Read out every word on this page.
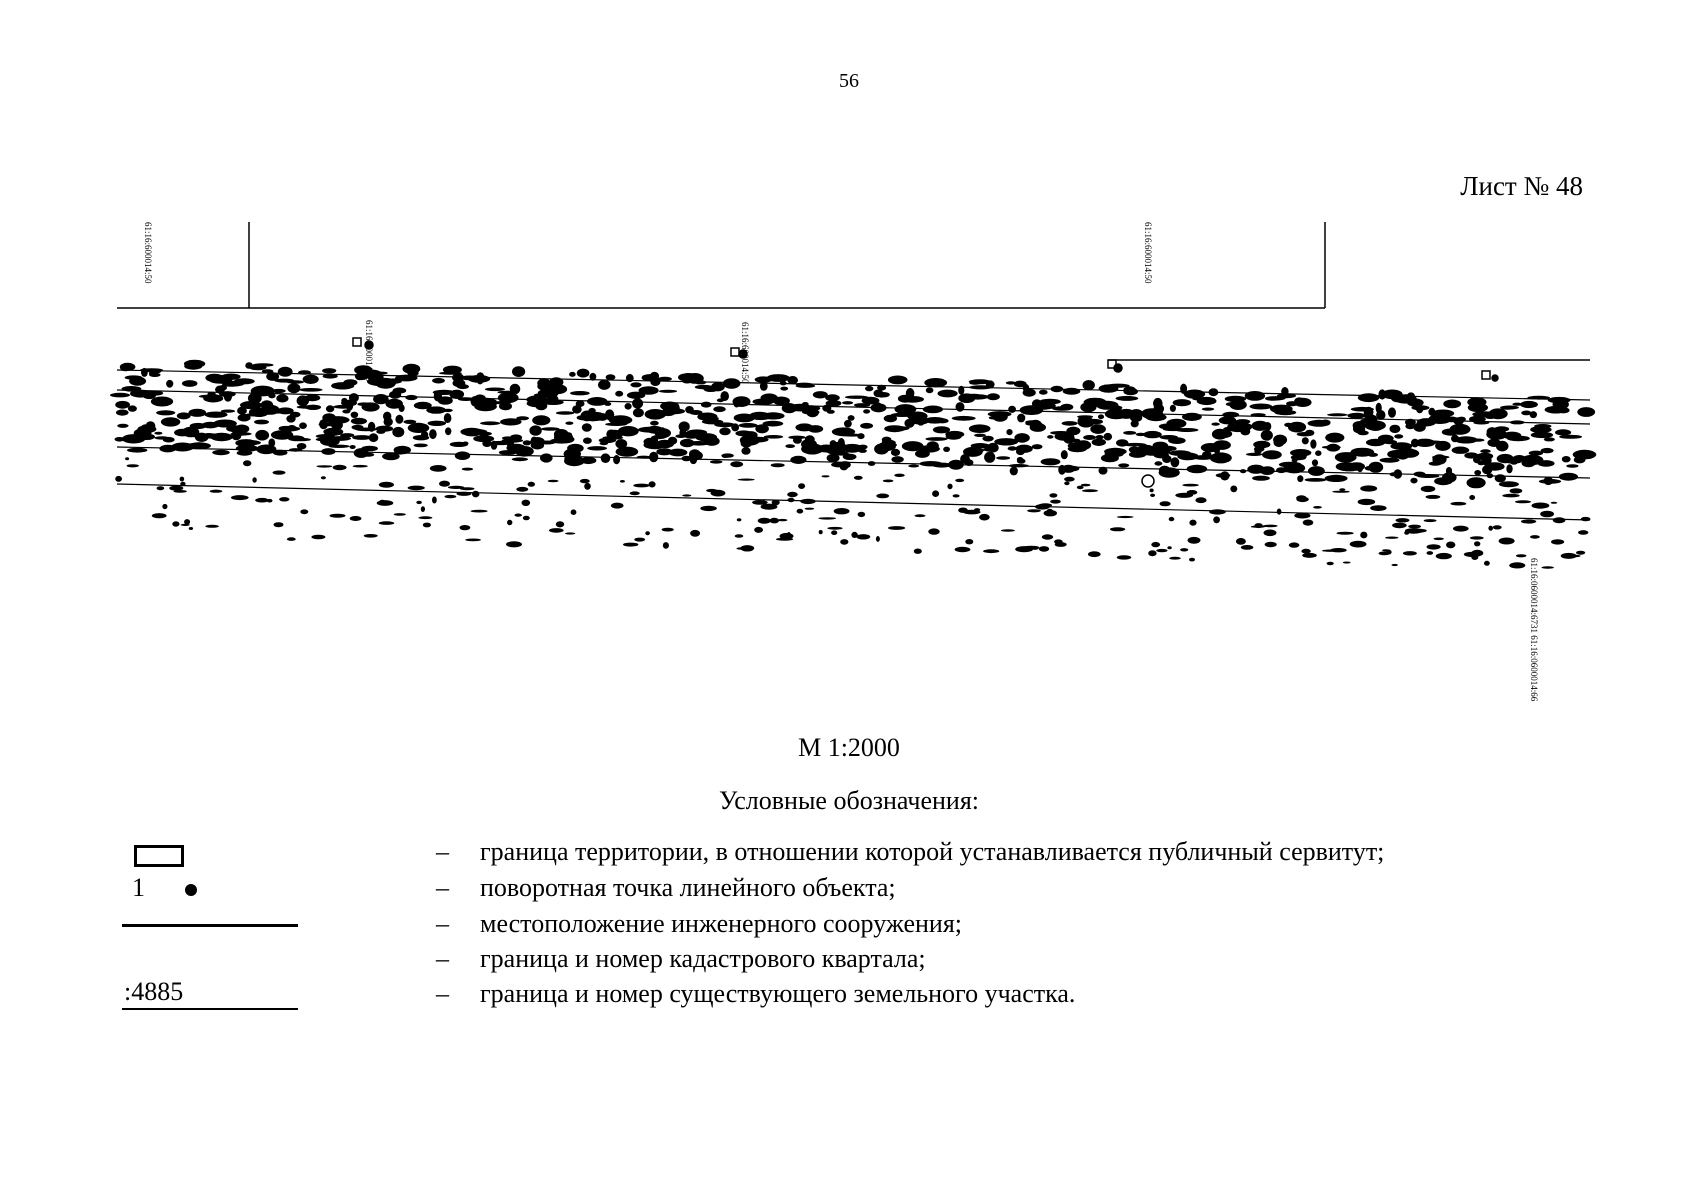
56
Лист № 48
61:16:600014:50	61:16:600014:50
61:16:600014:50	61:16:600014:50
61:16:0600014:6731 61:16:0600014:66
М 1:2000
Условные обозначения:
– граница территории, в отношении которой устанавливается публичный сервитут;
1	– поворотная точка линейного объекта;
– местоположение инженерного сооружения;
– граница и номер кадастрового квартала;
:4885	– граница и номер существующего земельного участка.
